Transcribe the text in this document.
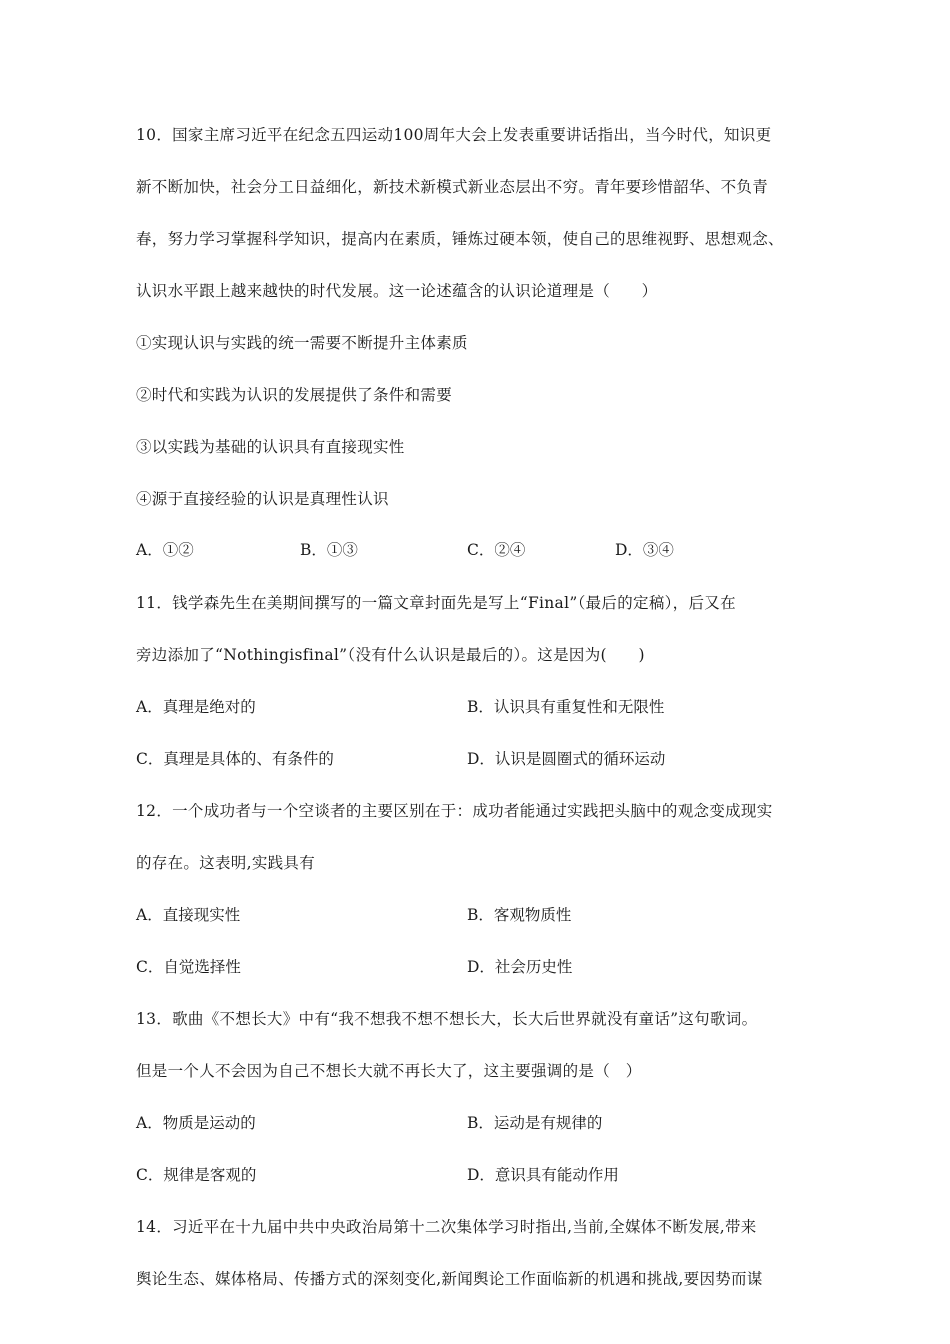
10．国家主席习近平在纪念五四运动100周年大会上发表重要讲话指出，当今时代，知识更
新不断加快，社会分工日益细化，新技术新模式新业态层出不穷。青年要珍惜韶华、不负青
春，努力学习掌握科学知识，提高内在素质，锤炼过硬本领，使自己的思维视野、思想观念、
认识水平跟上越来越快的时代发展。这一论述蕴含的认识论道理是（　　）
①实现认识与实践的统一需要不断提升主体素质
②时代和实践为认识的发展提供了条件和需要
③以实践为基础的认识具有直接现实性
④源于直接经验的认识是真理性认识
A．①②	B．①③	C．②④	D．③④
11．钱学森先生在美期间撰写的一篇文章封面先是写上“Final”（最后的定稿），后又在
旁边添加了“Nothingisfinal”（没有什么认识是最后的）。这是因为(　　)
A．真理是绝对的	B．认识具有重复性和无限性
C．真理是具体的、有条件的	D．认识是圆圈式的循环运动
12．一个成功者与一个空谈者的主要区别在于：成功者能通过实践把头脑中的观念变成现实
的存在。这表明,实践具有
A．直接现实性	B．客观物质性
C．自觉选择性	D．社会历史性
13．歌曲《不想长大》中有“我不想我不想不想长大，长大后世界就没有童话”这句歌词。
但是一个人不会因为自己不想长大就不再长大了，这主要强调的是（　）
A．物质是运动的	B．运动是有规律的
C．规律是客观的	D．意识具有能动作用
14．习近平在十九届中共中央政治局第十二次集体学习时指出,当前,全媒体不断发展,带来
舆论生态、媒体格局、传播方式的深刻变化,新闻舆论工作面临新的机遇和挑战,要因势而谋
